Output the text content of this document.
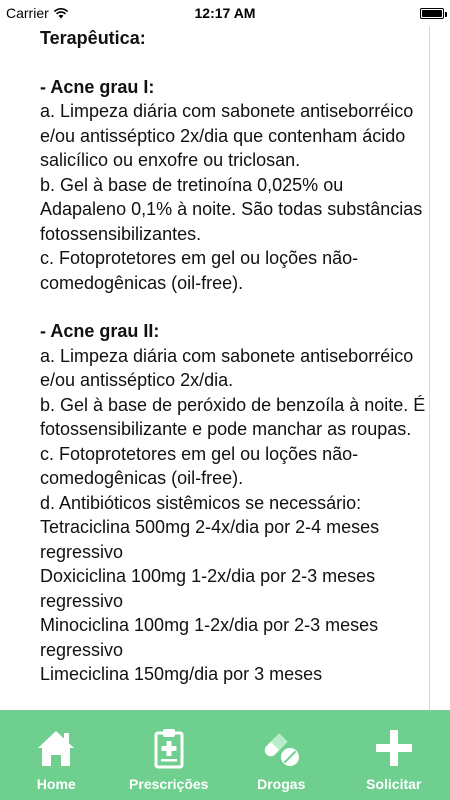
Carrier	12:17 AM

Terapêutica:

- Acne grau I:

a. Limpeza diária com sabonete antiseborréico e/ou antisséptico 2x/dia que contenham ácido salicílico ou enxofre ou triclosan.

b. Gel à base de tretinoína 0,025% ou Adapaleno 0,1% à noite. São todas substâncias fotossensibilizantes.

c. Fotoprotetores em gel ou loções não-comedogênicas (oil-free).

- Acne grau II:

a. Limpeza diária com sabonete antiseborréico e/ou antisséptico 2x/dia.

b. Gel à base de peróxido de benzoíla à noite. É fotossensibilizante e pode manchar as roupas.

c. Fotoprotetores em gel ou loções não-comedogênicas (oil-free).

d. Antibióticos sistêmicos se necessário:

Tetraciclina 500mg 2-4x/dia por 2-4 meses regressivo

Doxiciclina 100mg 1-2x/dia por 2-3 meses regressivo

Minociclina 100mg 1-2x/dia por 2-3 meses regressivo

Limeciclina 150mg/dia por 3 meses

Home	Prescrições	Drogas	Solicitar
